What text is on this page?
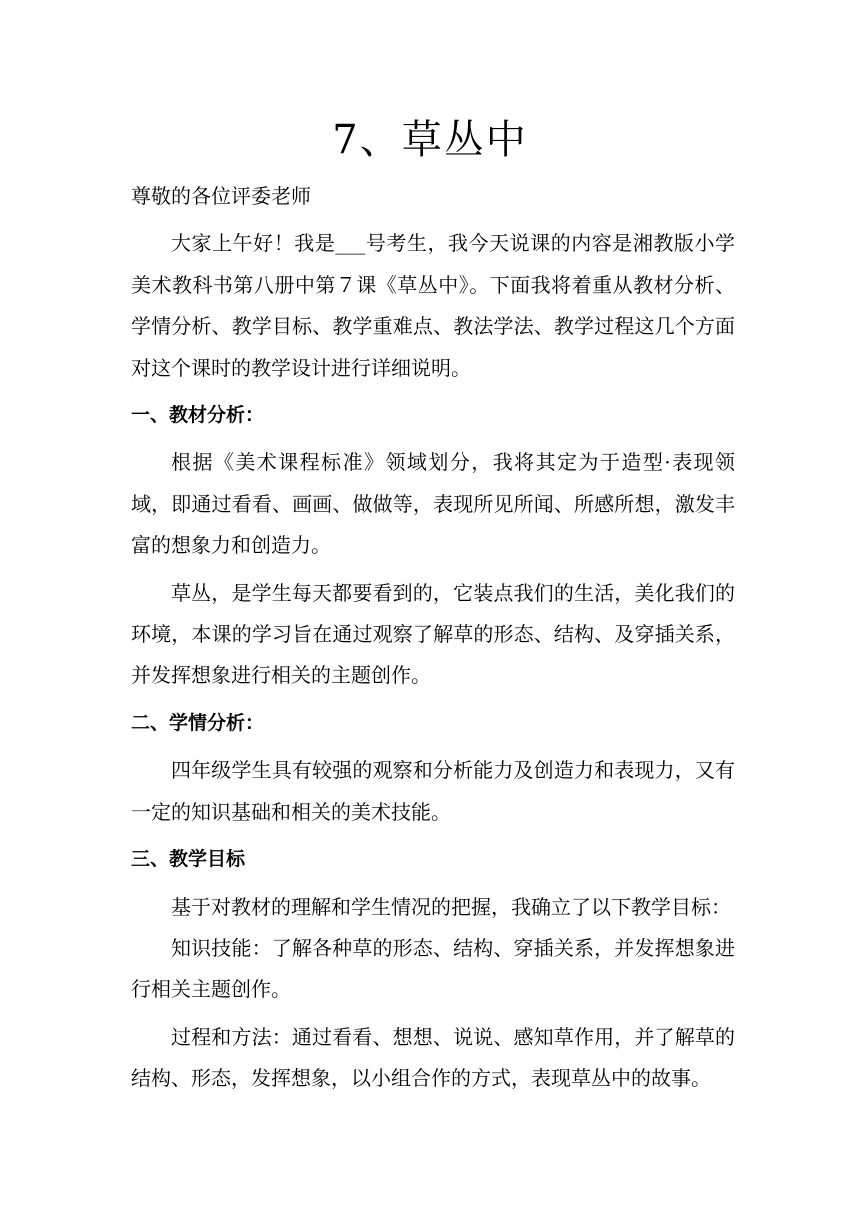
7、草丛中

尊敬的各位评委老师

大家上午好！我是___号考生，我今天说课的内容是湘教版小学美术教科书第八册中第７课《草丛中》。下面我将着重从教材分析、学情分析、教学目标、教学重难点、教法学法、教学过程这几个方面对这个课时的教学设计进行详细说明。

一、教材分析：

根据《美术课程标准》领域划分，我将其定为于造型·表现领域，即通过看看、画画、做做等，表现所见所闻、所感所想，激发丰富的想象力和创造力。

草丛，是学生每天都要看到的，它装点我们的生活，美化我们的环境，本课的学习旨在通过观察了解草的形态、结构、及穿插关系，并发挥想象进行相关的主题创作。

二、学情分析：

四年级学生具有较强的观察和分析能力及创造力和表现力，又有一定的知识基础和相关的美术技能。

三、教学目标

基于对教材的理解和学生情况的把握，我确立了以下教学目标：

知识技能：了解各种草的形态、结构、穿插关系，并发挥想象进行相关主题创作。

过程和方法：通过看看、想想、说说、感知草作用，并了解草的结构、形态，发挥想象，以小组合作的方式，表现草丛中的故事。
